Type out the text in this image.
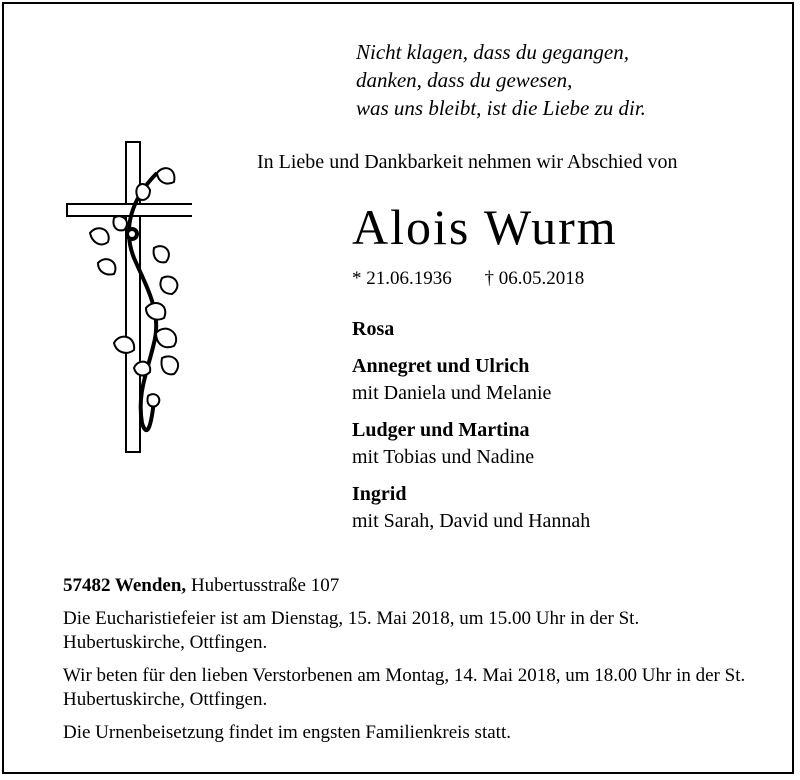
Nicht klagen, dass du gegangen,
danken, dass du gewesen,
was uns bleibt, ist die Liebe zu dir.
In Liebe und Dankbarkeit nehmen wir Abschied von
Alois Wurm
* 21.06.1936 † 06.05.2018
Rosa
Annegret und Ulrich
mit Daniela und Melanie
Ludger und Martina
mit Tobias und Nadine
Ingrid
mit Sarah, David und Hannah
57482 Wenden, Hubertusstraße 107

Die Eucharistiefeier ist am Dienstag, 15. Mai 2018, um 15.00 Uhr in der St. Hubertuskirche, Ottfingen.

Wir beten für den lieben Verstorbenen am Montag, 14. Mai 2018, um 18.00 Uhr in der St. Hubertuskirche, Ottfingen.

Die Urnenbeisetzung findet im engsten Familienkreis statt.
